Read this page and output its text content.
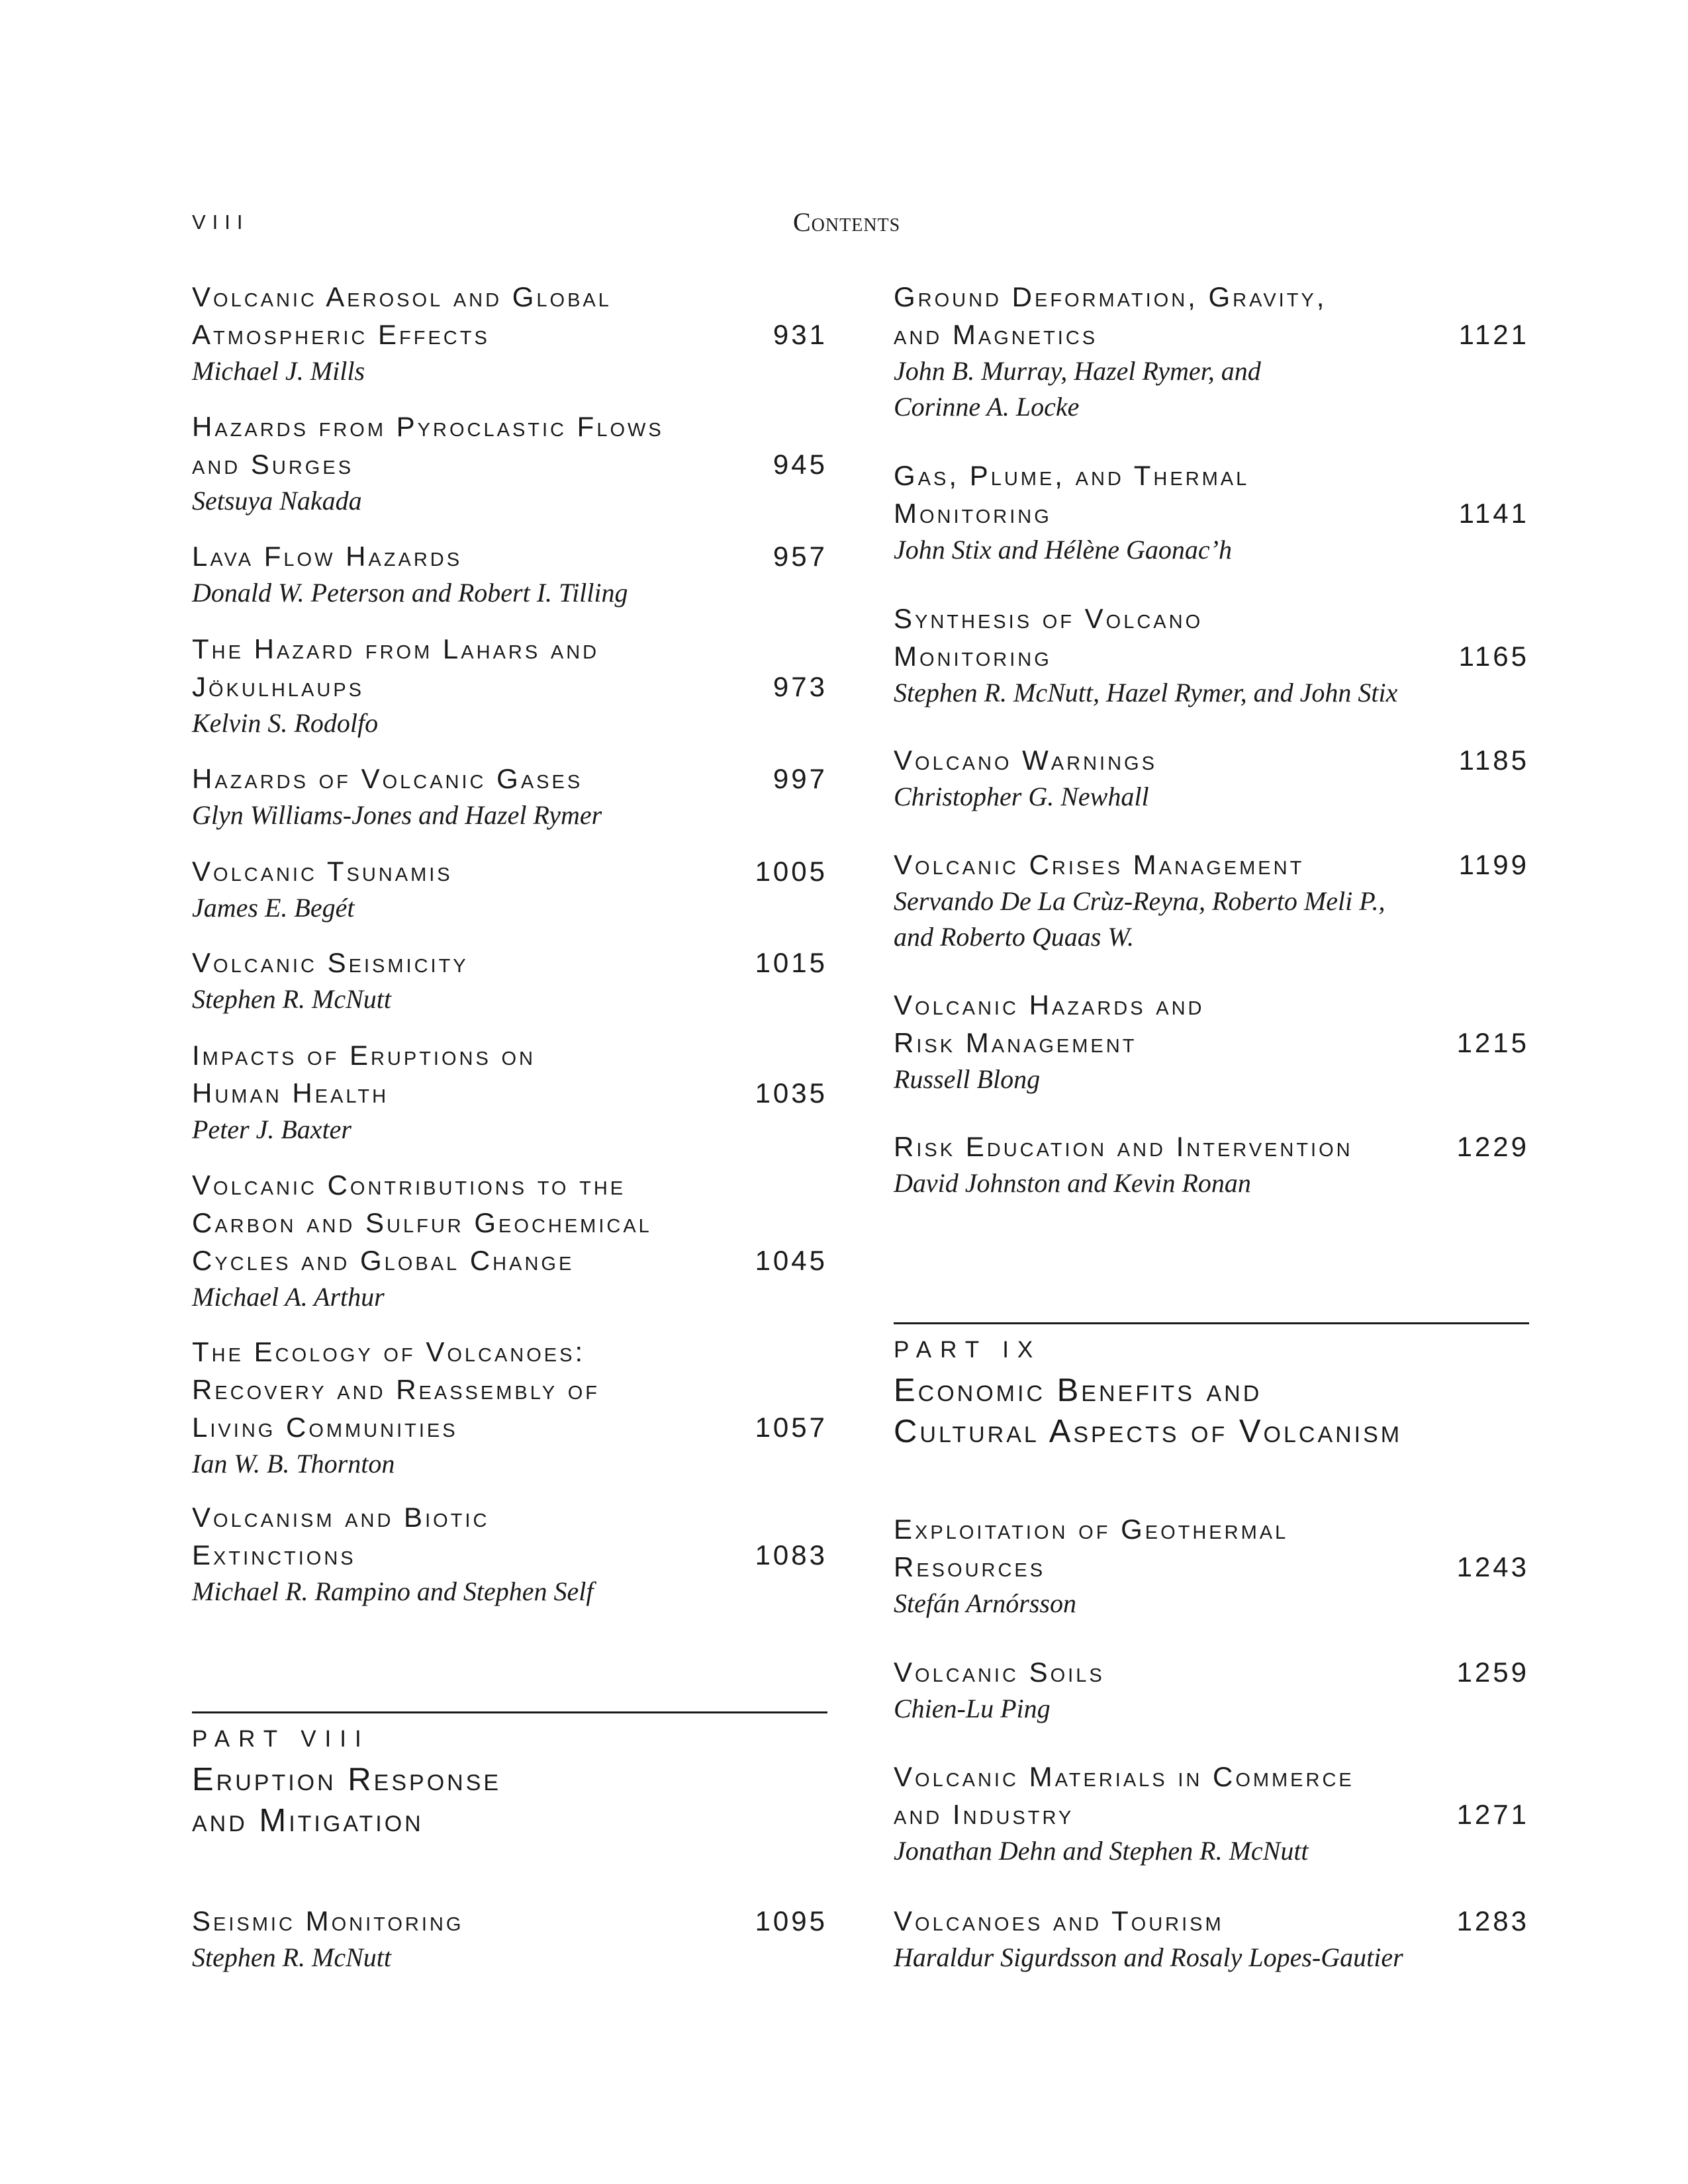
VIII	Contents
Volcanic Aerosol and Global
Atmospheric Effects	931
Michael J. Mills
Hazards from Pyroclastic Flows
and Surges	945
Setsuya Nakada
Lava Flow Hazards	957
Donald W. Peterson and Robert I. Tilling
The Hazard from Lahars and
Jökulhlaups	973
Kelvin S. Rodolfo
Hazards of Volcanic Gases	997
Glyn Williams-Jones and Hazel Rymer
Volcanic Tsunamis	1005
James E. Begét
Volcanic Seismicity	1015
Stephen R. McNutt
Impacts of Eruptions on
Human Health	1035
Peter J. Baxter
Volcanic Contributions to the
Carbon and Sulfur Geochemical
Cycles and Global Change	1045
Michael A. Arthur
The Ecology of Volcanoes:
Recovery and Reassembly of
Living Communities	1057
Ian W. B. Thornton
Volcanism and Biotic
Extinctions	1083
Michael R. Rampino and Stephen Self
PART VIII
Eruption Response
and Mitigation
Seismic Monitoring	1095
Stephen R. McNutt
Ground Deformation, Gravity,
and Magnetics	1121
John B. Murray, Hazel Rymer, and
Corinne A. Locke
Gas, Plume, and Thermal
Monitoring	1141
John Stix and Hélène Gaonac’h
Synthesis of Volcano
Monitoring	1165
Stephen R. McNutt, Hazel Rymer, and John Stix
Volcano Warnings	1185
Christopher G. Newhall
Volcanic Crises Management	1199
Servando De La Crùz-Reyna, Roberto Meli P.,
and Roberto Quaas W.
Volcanic Hazards and
Risk Management	1215
Russell Blong
Risk Education and Intervention	1229
David Johnston and Kevin Ronan
PART IX
Economic Benefits and
Cultural Aspects of Volcanism
Exploitation of Geothermal
Resources	1243
Stefán Arnórsson
Volcanic Soils	1259
Chien-Lu Ping
Volcanic Materials in Commerce
and Industry	1271
Jonathan Dehn and Stephen R. McNutt
Volcanoes and Tourism	1283
Haraldur Sigurdsson and Rosaly Lopes-Gautier
